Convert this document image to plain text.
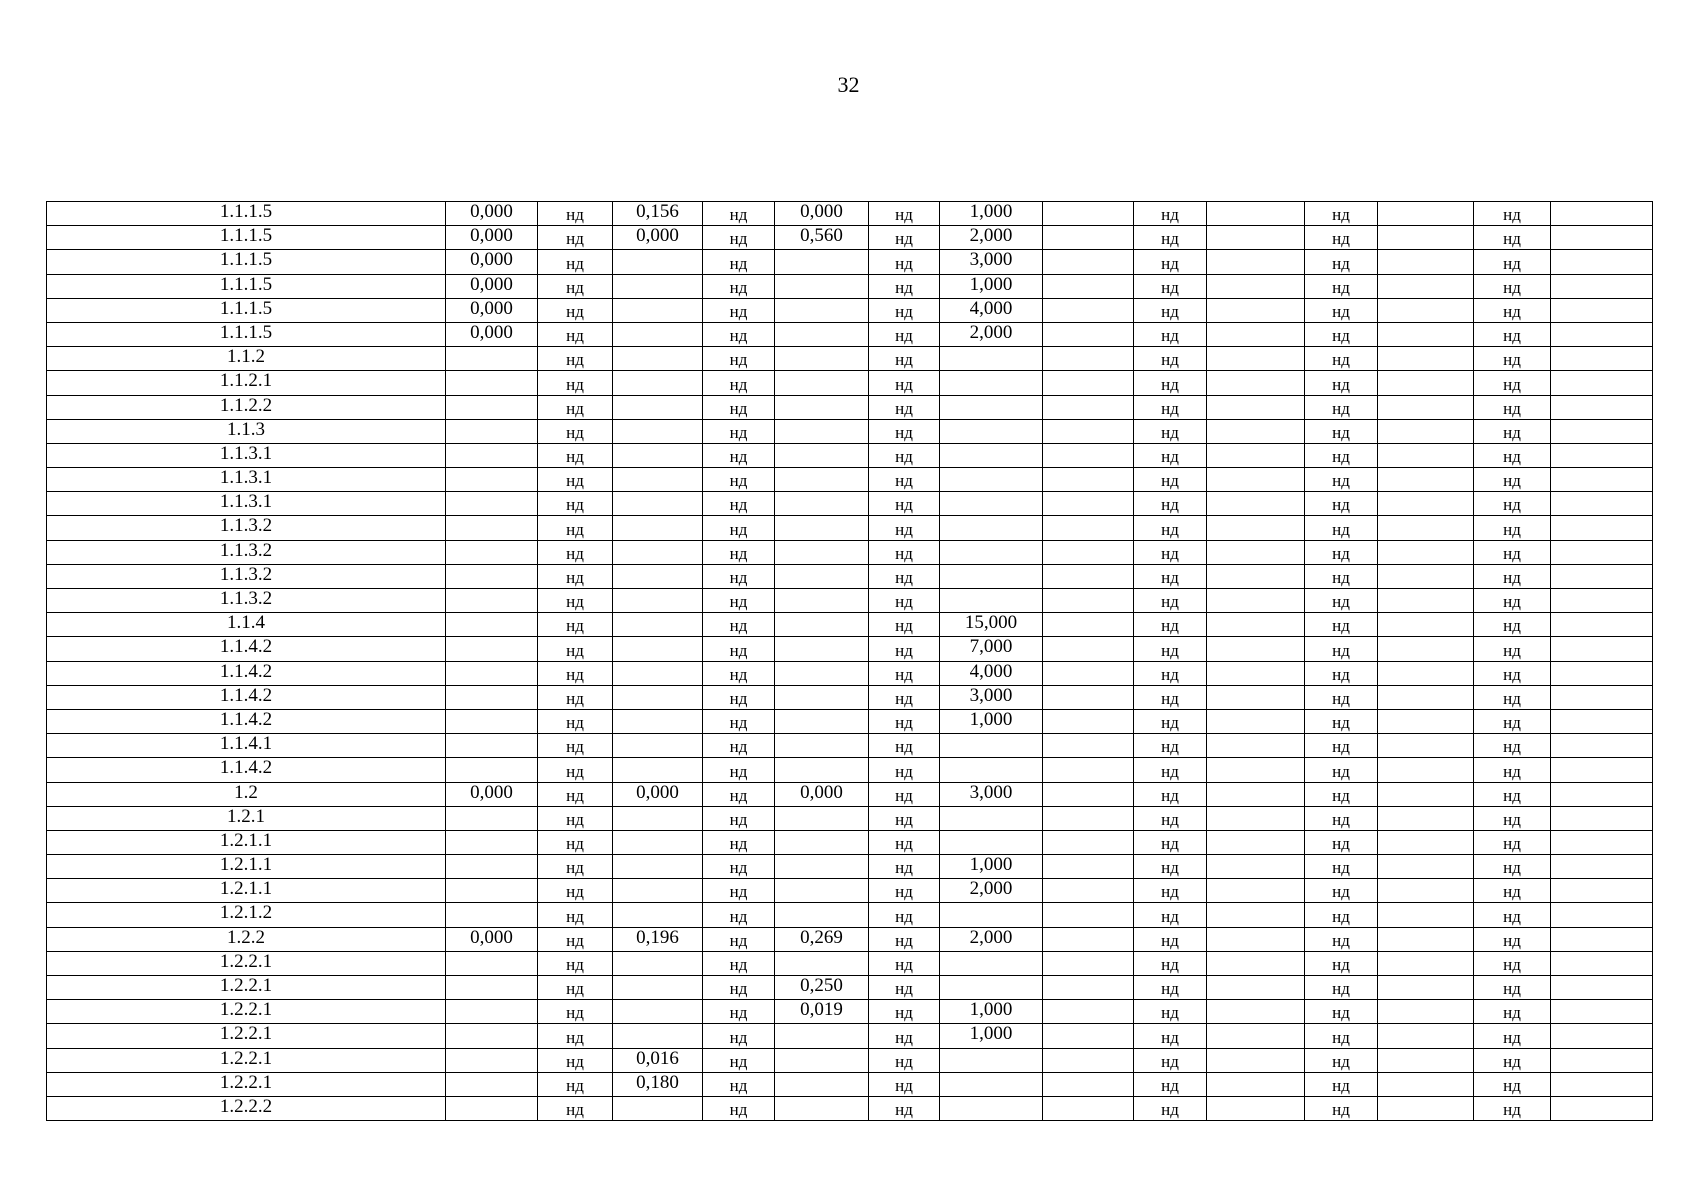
32
1.1.1.5	0,000	нд	0,156	нд	0,000	нд	1,000		нд		нд		нд	
1.1.1.5	0,000	нд	0,000	нд	0,560	нд	2,000		нд		нд		нд	
1.1.1.5	0,000	нд		нд		нд	3,000		нд		нд		нд	
1.1.1.5	0,000	нд		нд		нд	1,000		нд		нд		нд	
1.1.1.5	0,000	нд		нд		нд	4,000		нд		нд		нд	
1.1.1.5	0,000	нд		нд		нд	2,000		нд		нд		нд	
1.1.2		нд		нд		нд			нд		нд		нд	
1.1.2.1		нд		нд		нд			нд		нд		нд	
1.1.2.2		нд		нд		нд			нд		нд		нд	
1.1.3		нд		нд		нд			нд		нд		нд	
1.1.3.1		нд		нд		нд			нд		нд		нд	
1.1.3.1		нд		нд		нд			нд		нд		нд	
1.1.3.1		нд		нд		нд			нд		нд		нд	
1.1.3.2		нд		нд		нд			нд		нд		нд	
1.1.3.2		нд		нд		нд			нд		нд		нд	
1.1.3.2		нд		нд		нд			нд		нд		нд	
1.1.3.2		нд		нд		нд			нд		нд		нд	
1.1.4		нд		нд		нд	15,000		нд		нд		нд	
1.1.4.2		нд		нд		нд	7,000		нд		нд		нд	
1.1.4.2		нд		нд		нд	4,000		нд		нд		нд	
1.1.4.2		нд		нд		нд	3,000		нд		нд		нд	
1.1.4.2		нд		нд		нд	1,000		нд		нд		нд	
1.1.4.1		нд		нд		нд			нд		нд		нд	
1.1.4.2		нд		нд		нд			нд		нд		нд	
1.2	0,000	нд	0,000	нд	0,000	нд	3,000		нд		нд		нд	
1.2.1		нд		нд		нд			нд		нд		нд	
1.2.1.1		нд		нд		нд			нд		нд		нд	
1.2.1.1		нд		нд		нд	1,000		нд		нд		нд	
1.2.1.1		нд		нд		нд	2,000		нд		нд		нд	
1.2.1.2		нд		нд		нд			нд		нд		нд	
1.2.2	0,000	нд	0,196	нд	0,269	нд	2,000		нд		нд		нд	
1.2.2.1		нд		нд		нд			нд		нд		нд	
1.2.2.1		нд		нд	0,250	нд			нд		нд		нд	
1.2.2.1		нд		нд	0,019	нд	1,000		нд		нд		нд	
1.2.2.1		нд		нд		нд	1,000		нд		нд		нд	
1.2.2.1		нд	0,016	нд		нд			нд		нд		нд	
1.2.2.1		нд	0,180	нд		нд			нд		нд		нд	
1.2.2.2		нд		нд		нд			нд		нд		нд	
